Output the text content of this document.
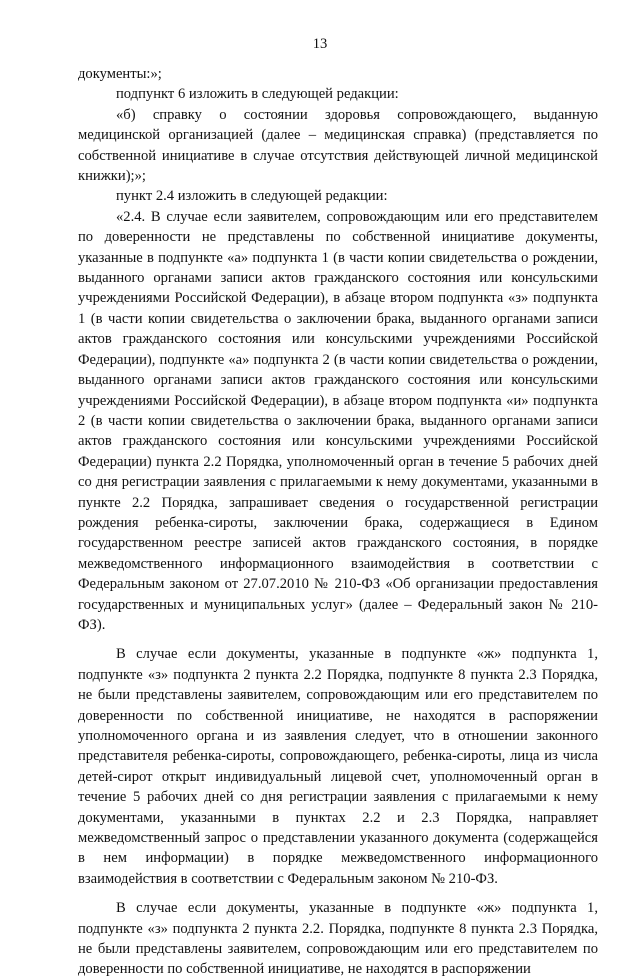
13

документы:»;

подпункт 6 изложить в следующей редакции:

«б) справку о состоянии здоровья сопровождающего, выданную медицинской организацией (далее – медицинская справка) (представляется по собственной инициативе в случае отсутствия действующей личной медицинской книжки);»;

пункт 2.4 изложить в следующей редакции:

«2.4. В случае если заявителем, сопровождающим или его представителем по доверенности не представлены по собственной инициативе документы, указанные в подпункте «а» подпункта 1 (в части копии свидетельства о рождении, выданного органами записи актов гражданского состояния или консульскими учреждениями Российской Федерации), в абзаце втором подпункта «з» подпункта 1 (в части копии свидетельства о заключении брака, выданного органами записи актов гражданского состояния или консульскими учреждениями Российской Федерации), подпункте «а» подпункта 2 (в части копии свидетельства о рождении, выданного органами записи актов гражданского состояния или консульскими учреждениями Российской Федерации), в абзаце втором подпункта «и» подпункта 2 (в части копии свидетельства о заключении брака, выданного органами записи актов гражданского состояния или консульскими учреждениями Российской Федерации) пункта 2.2 Порядка, уполномоченный орган в течение 5 рабочих дней со дня регистрации заявления с прилагаемыми к нему документами, указанными в пункте 2.2 Порядка, запрашивает сведения о государственной регистрации рождения ребенка-сироты, заключении брака, содержащиеся в Едином государственном реестре записей актов гражданского состояния, в порядке межведомственного информационного взаимодействия в соответствии с Федеральным законом от 27.07.2010 № 210-ФЗ «Об организации предоставления государственных и муниципальных услуг» (далее – Федеральный закон № 210-ФЗ).

В случае если документы, указанные в подпункте «ж» подпункта 1, подпункте «з» подпункта 2 пункта 2.2 Порядка, подпункте 8 пункта 2.3 Порядка, не были представлены заявителем, сопровождающим или его представителем по доверенности по собственной инициативе, не находятся в распоряжении уполномоченного органа и из заявления следует, что в отношении законного представителя ребенка-сироты, сопровождающего, ребенка-сироты, лица из числа детей-сирот открыт индивидуальный лицевой счет, уполномоченный орган в течение 5 рабочих дней со дня регистрации заявления с прилагаемыми к нему документами, указанными в пунктах 2.2 и 2.3 Порядка, направляет межведомственный запрос о представлении указанного документа (содержащейся в нем информации) в порядке межведомственного информационного взаимодействия в соответствии с Федеральным законом № 210-ФЗ.

В случае если документы, указанные в подпункте «ж» подпункта 1, подпункте «з» подпункта 2 пункта 2.2. Порядка, подпункте 8 пункта 2.3 Порядка, не были представлены заявителем, сопровождающим или его представителем по доверенности по собственной инициативе, не находятся в распоряжении
